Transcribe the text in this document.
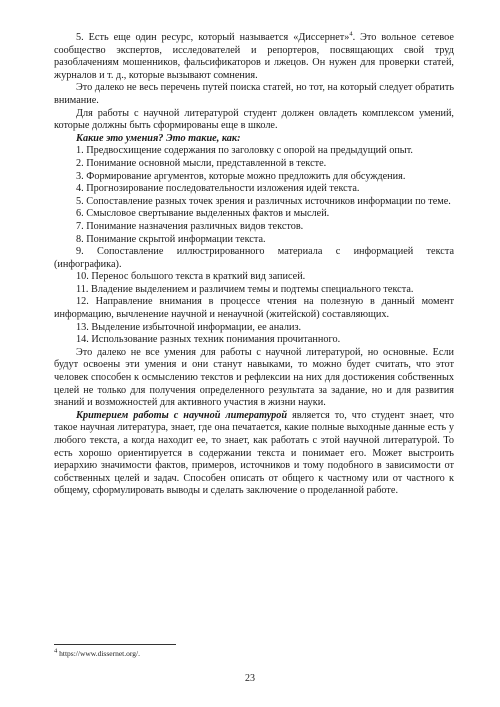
5. Есть еще один ресурс, который называется «Диссернет»$^4$. Это вольное сетевое сообщество экспертов, исследователей и репортеров, посвящающих свой труд разоблачениям мошенников, фальсификаторов и лжецов. Он нужен для проверки статей, журналов и т. д., которые вызывают сомнения.

Это далеко не весь перечень путей поиска статей, но тот, на который следует обратить внимание.

Для работы с научной литературой студент должен овладеть комплексом умений, которые должны быть сформированы еще в школе.

Какие это умения? Это такие, как:

1. Предвосхищение содержания по заголовку с опорой на предыдущий опыт.

2. Понимание основной мысли, представленной в тексте.

3. Формирование аргументов, которые можно предложить для обсуждения.

4. Прогнозирование последовательности изложения идей текста.

5. Сопоставление разных точек зрения и различных источников информации по теме.

6. Смысловое свертывание выделенных фактов и мыслей.

7. Понимание назначения различных видов текстов.

8. Понимание скрытой информации текста.

9. Сопоставление иллюстрированного материала с информацией текста (инфографика).

10. Перенос большого текста в краткий вид записей.

11. Владение выделением и различием темы и подтемы специального текста.

12. Направление внимания в процессе чтения на полезную в данный момент информацию, вычленение научной и ненаучной (житейской) составляющих.

13. Выделение избыточной информации, ее анализ.

14. Использование разных техник понимания прочитанного.

Это далеко не все умения для работы с научной литературой, но основные. Если будут освоены эти умения и они станут навыками, то можно будет считать, что этот человек способен к осмыслению текстов и рефлексии на них для достижения собственных целей не только для получения определенного результата за задание, но и для развития знаний и возможностей для активного участия в жизни науки.

Критерием работы с научной литературой является то, что студент знает, что такое научная литература, знает, где она печатается, какие полные выходные данные есть у любого текста, а когда находит ее, то знает, как работать с этой научной литературой. То есть хорошо ориентируется в содержании текста и понимает его. Может выстроить иерархию значимости фактов, примеров, источников и тому подобного в зависимости от собственных целей и задач. Способен описать от общего к частному или от частного к общему, сформулировать выводы и сделать заключение о проделанной работе.

$^4$ https://www.dissernet.org/.
23
